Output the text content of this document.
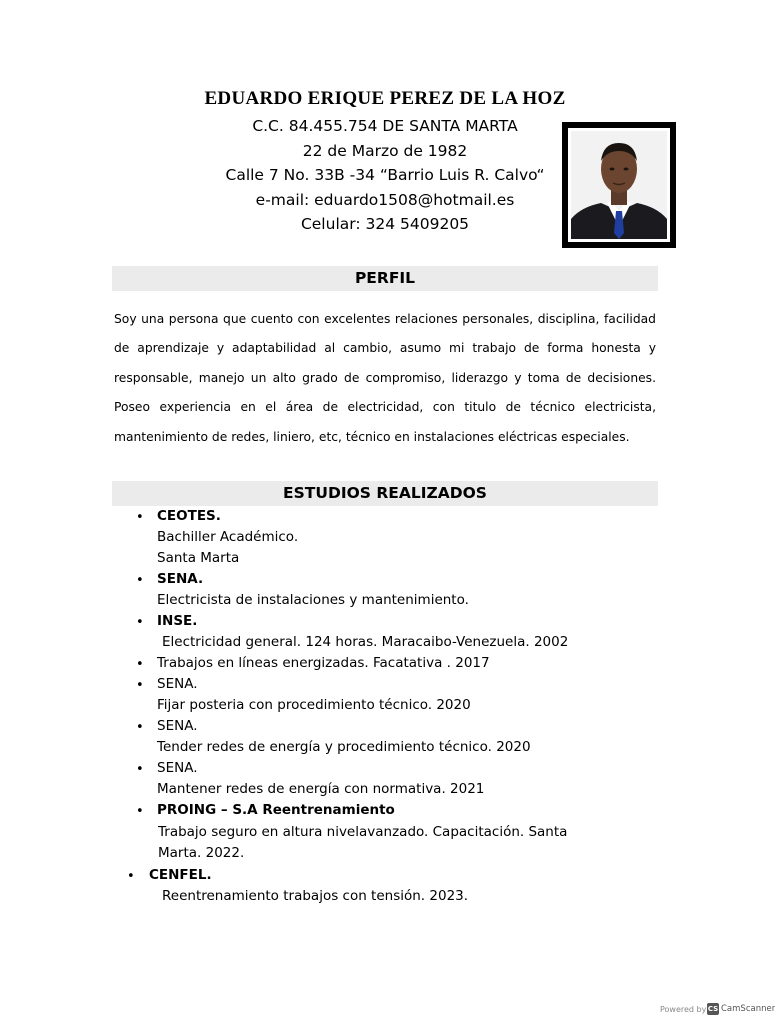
EDUARDO ERIQUE PEREZ DE LA HOZ
C.C. 84.455.754 DE SANTA MARTA
22 de Marzo de 1982
Calle 7 No. 33B -34 “Barrio Luis R. Calvo“
e-mail: eduardo1508@hotmail.es
Celular: 324 5409205
PERFIL
Soy una persona que cuento con excelentes relaciones personales, disciplina, facilidad de aprendizaje y adaptabilidad al cambio, asumo mi trabajo de forma honesta y responsable, manejo un alto grado de compromiso, liderazgo y toma de decisiones. Poseo experiencia en el área de electricidad, con titulo de técnico electricista, mantenimiento de redes, liniero, etc, técnico en instalaciones eléctricas especiales.
ESTUDIOS REALIZADOS
• CEOTES.
Bachiller Académico.
Santa Marta
• SENA.
Electricista de instalaciones y mantenimiento.
• INSE.
Electricidad general. 124 horas. Maracaibo-Venezuela. 2002
• Trabajos en líneas energizadas. Facatativa . 2017
• SENA.
Fijar posteria con procedimiento técnico. 2020
• SENA.
Tender redes de energía y procedimiento técnico. 2020
• SENA.
Mantener redes de energía con normativa. 2021
• PROING – S.A Reentrenamiento
Trabajo seguro en altura nivelavanzado. Capacitación. Santa
Marta. 2022.
• CENFEL.
Reentrenamiento trabajos con tensión. 2023.
Powered by CS CamScanner
